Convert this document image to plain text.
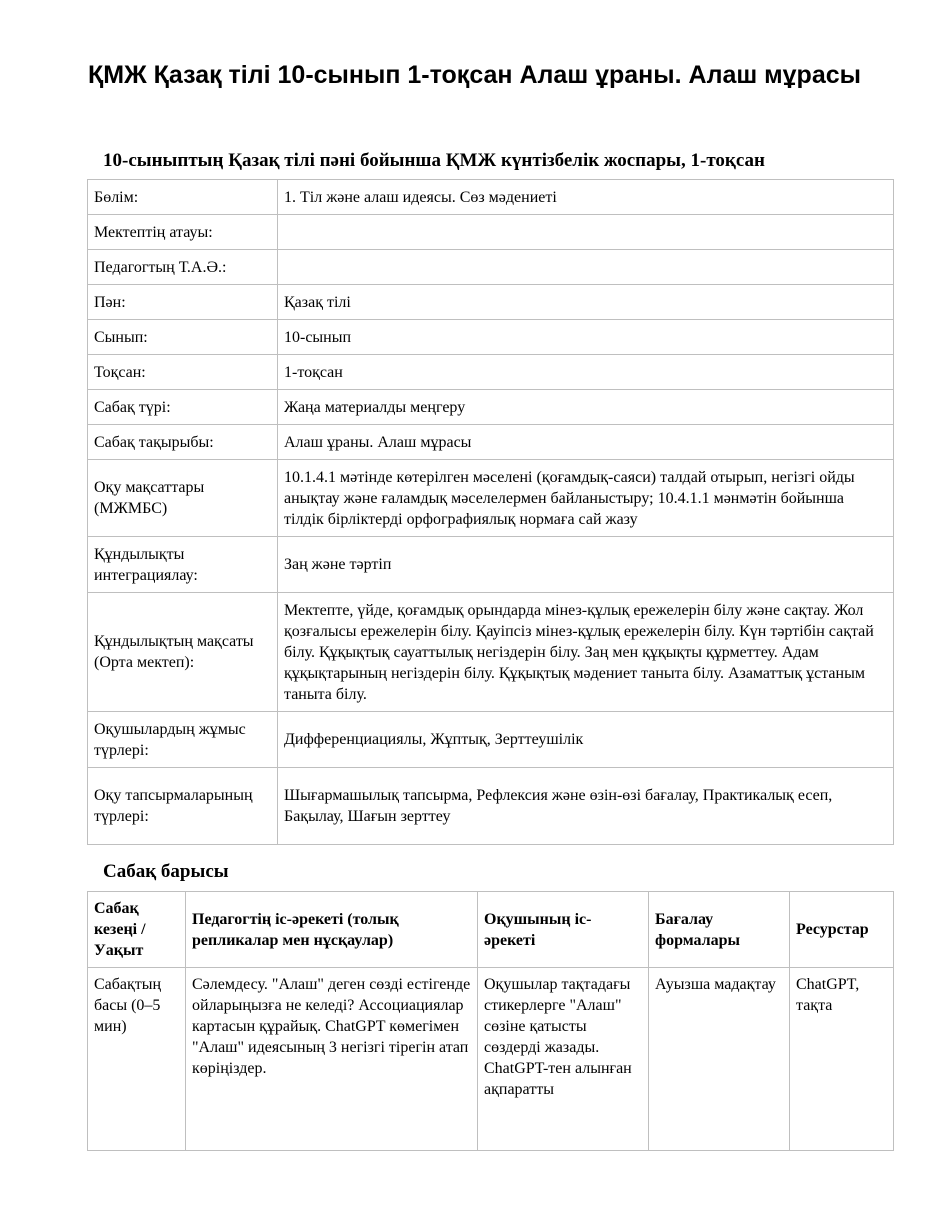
ҚМЖ Қазақ тілі 10-сынып 1-тоқсан Алаш ұраны. Алаш мұрасы
10-сыныптың Қазақ тілі пәні бойынша ҚМЖ күнтізбелік жоспары, 1-тоқсан
Бөлім:	1. Тіл және алаш идеясы. Сөз мәдениеті
Мектептің атауы:	
Педагогтың Т.А.Ә.:	
Пән:	Қазақ тілі
Сынып:	10-сынып
Тоқсан:	1-тоқсан
Сабақ түрі:	Жаңа материалды меңгеру
Сабақ тақырыбы:	Алаш ұраны. Алаш мұрасы
Оқу мақсаттары (МЖМБС)	10.1.4.1 мәтінде көтерілген мәселені (қоғамдық-саяси) талдай отырып, негізгі ойды анықтау және ғаламдық мәселелермен байланыстыру; 10.4.1.1 мәнмәтін бойынша тілдік бірліктерді орфографиялық нормаға сай жазу
Құндылықты интеграциялау:	Заң және тәртіп
Құндылықтың мақсаты (Орта мектеп):	Мектепте, үйде, қоғамдық орындарда мінез-құлық ережелерін білу және сақтау. Жол қозғалысы ережелерін білу. Қауіпсіз мінез-құлық ережелерін білу. Күн тәртібін сақтай білу. Құқықтық сауаттылық негіздерін білу. Заң мен құқықты құрметтеу. Адам құқықтарының негіздерін білу. Құқықтық мәдениет таныта білу. Азаматтық ұстаным таныта білу.
Оқушылардың жұмыс түрлері:	Дифференциациялы, Жұптық, Зерттеушілік
Оқу тапсырмаларының түрлері:	Шығармашылық тапсырма, Рефлексия және өзін-өзі бағалау, Практикалық есеп, Бақылау, Шағын зерттеу
Сабақ барысы
Сабақ кезеңі / Уақыт	Педагогтің іс-әрекеті (толық репликалар мен нұсқаулар)	Оқушының іс-әрекеті	Бағалау формалары	Ресурстар
Сабақтың басы (0–5 мин)	Сәлемдесу. "Алаш" деген сөзді естігенде ойларыңызға не келеді? Ассоциациялар картасын құрайық. ChatGPT көмегімен "Алаш" идеясының 3 негізгі тірегін атап көріңіздер.	Оқушылар тақтадағы стикерлерге "Алаш" сөзіне қатысты сөздерді жазады. ChatGPT-тен алынған ақпаратты	Ауызша мадақтау	ChatGPT, тақта
